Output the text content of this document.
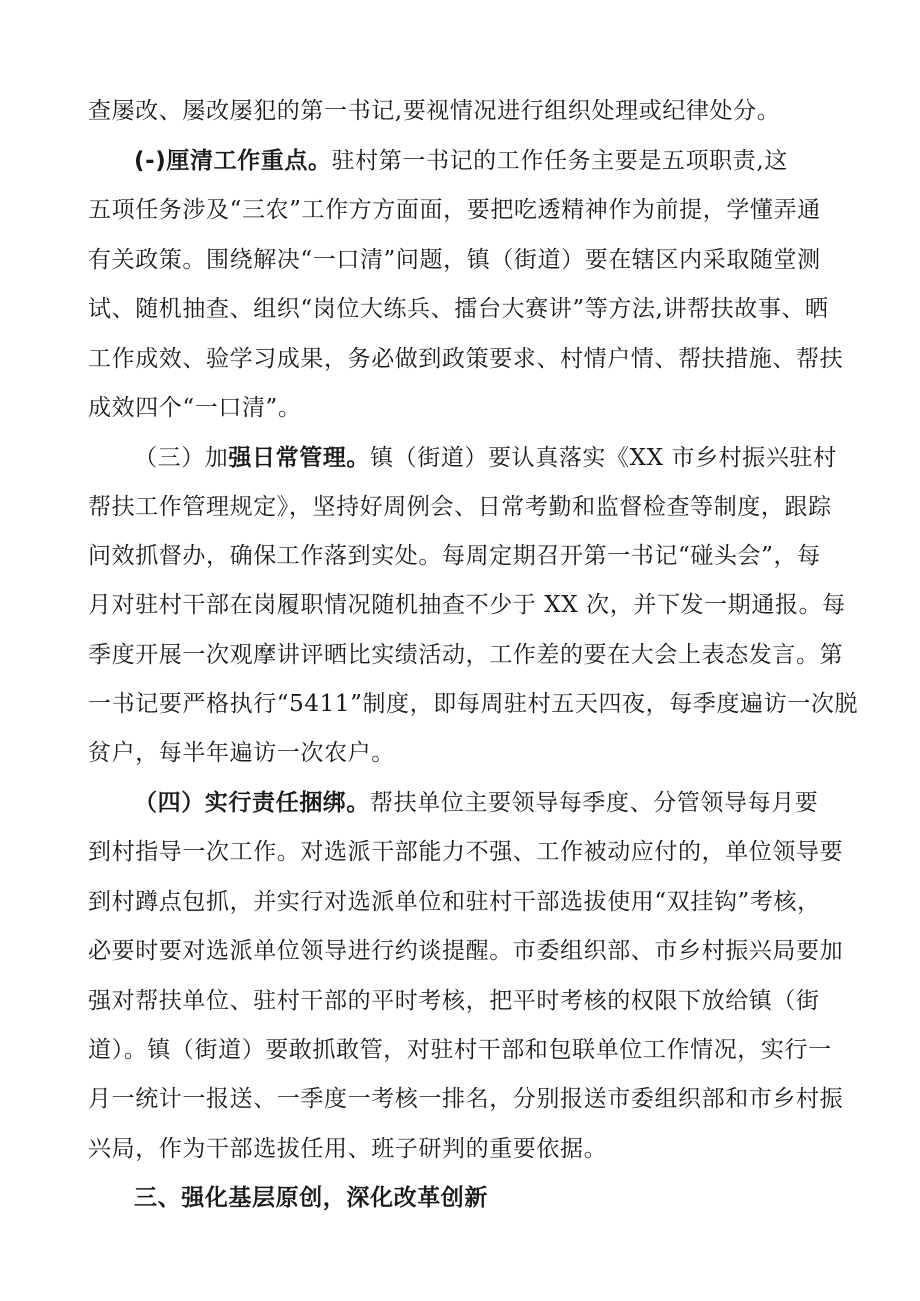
查屡改、屡改屡犯的第一书记,要视情况进行组织处理或纪律处分。
(-)厘清工作重点。驻村第一书记的工作任务主要是五项职责,这
五项任务涉及“三农”工作方方面面，要把吃透精神作为前提，学懂弄通
有关政策。围绕解决“一口清”问题，镇（街道）要在辖区内采取随堂测
试、随机抽查、组织“岗位大练兵、擂台大赛讲”等方法,讲帮扶故事、晒
工作成效、验学习成果，务必做到政策要求、村情户情、帮扶措施、帮扶
成效四个“一口清”。
（三）加强日常管理。镇（街道）要认真落实《XX 市乡村振兴驻村
帮扶工作管理规定》，坚持好周例会、日常考勤和监督检查等制度，跟踪
问效抓督办，确保工作落到实处。每周定期召开第一书记“碰头会”，每
月对驻村干部在岗履职情况随机抽查不少于 XX 次，并下发一期通报。每
季度开展一次观摩讲评晒比实绩活动，工作差的要在大会上表态发言。第
一书记要严格执行“5411”制度，即每周驻村五天四夜，每季度遍访一次脱
贫户，每半年遍访一次农户。
（四）实行责任捆绑。帮扶单位主要领导每季度、分管领导每月要
到村指导一次工作。对选派干部能力不强、工作被动应付的，单位领导要
到村蹲点包抓，并实行对选派单位和驻村干部选拔使用“双挂钩”考核，
必要时要对选派单位领导进行约谈提醒。市委组织部、市乡村振兴局要加
强对帮扶单位、驻村干部的平时考核，把平时考核的权限下放给镇（街
道）。镇（街道）要敢抓敢管，对驻村干部和包联单位工作情况，实行一
月一统计一报送、一季度一考核一排名，分别报送市委组织部和市乡村振
兴局，作为干部选拔任用、班子研判的重要依据。
三、强化基层原创，深化改革创新
